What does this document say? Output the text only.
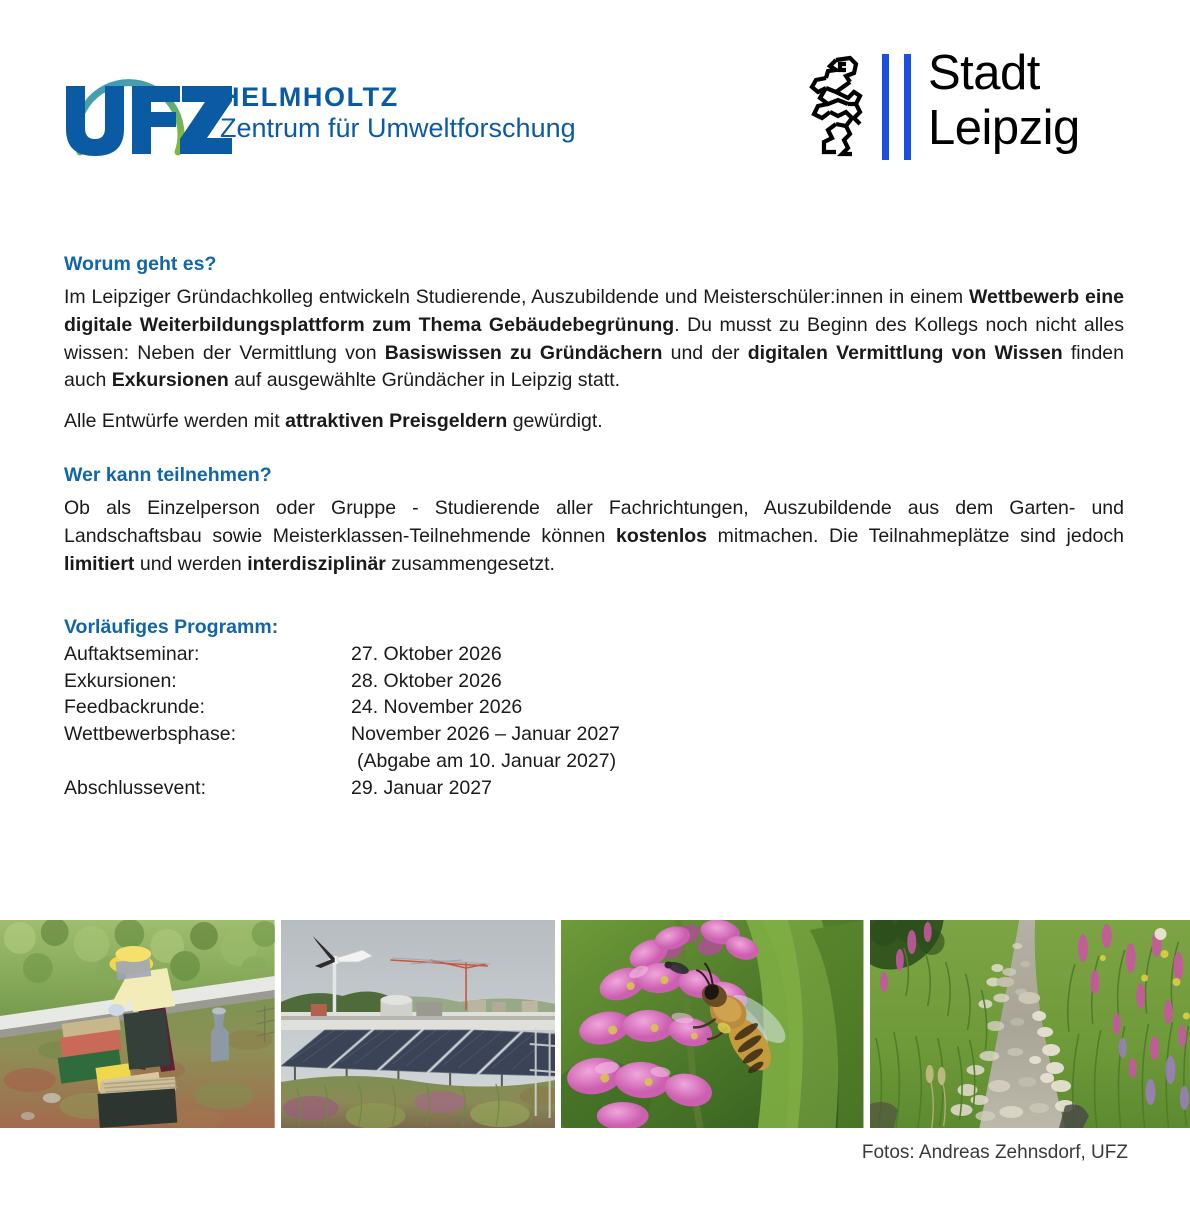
HELMHOLTZ
Zentrum für Umweltforschung
Stadt
Leipzig
Worum geht es?

Im Leipziger Gründachkolleg entwickeln Studierende, Auszubildende und Meisterschüler:innen in einem Wettbewerb eine digitale Weiterbildungsplattform zum Thema Gebäudebegrünung. Du musst zu Beginn des Kollegs noch nicht alles wissen: Neben der Vermittlung von Basiswissen zu Gründächern und der digitalen Vermittlung von Wissen finden auch Exkursionen auf ausgewählte Gründächer in Leipzig statt.

Alle Entwürfe werden mit attraktiven Preisgeldern gewürdigt.

Wer kann teilnehmen?

Ob als Einzelperson oder Gruppe - Studierende aller Fachrichtungen, Auszubildende aus dem Garten- und Landschaftsbau sowie Meisterklassen-Teilnehmende können kostenlos mitmachen. Die Teilnahmeplätze sind jedoch limitiert und werden interdisziplinär zusammengesetzt.

Vorläufiges Programm:
Auftaktseminar:	27. Oktober 2026
Exkursionen:	28. Oktober 2026
Feedbackrunde:	24. November 2026
Wettbewerbsphase:	November 2026 – Januar 2027
(Abgabe am 10. Januar 2027)
Abschlussevent:	29. Januar 2027
Fotos: Andreas Zehnsdorf, UFZ
